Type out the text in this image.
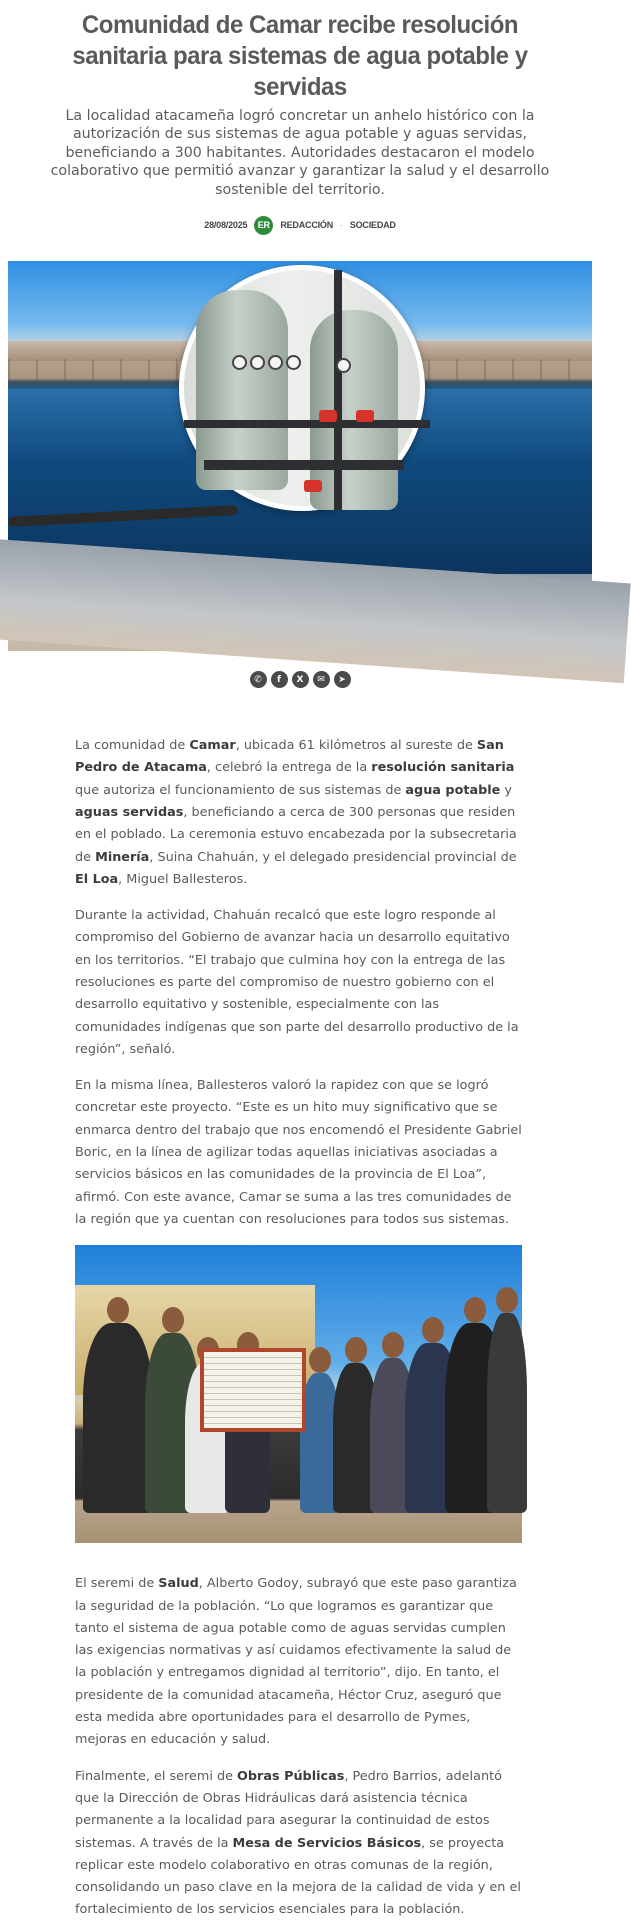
Comunidad de Camar recibe resolución sanitaria para sistemas de agua potable y servidas

La localidad atacameña logró concretar un anhelo histórico con la autorización de sus sistemas de agua potable y aguas servidas, beneficiando a 300 habitantes. Autoridades destacaron el modelo colaborativo que permitió avanzar y garantizar la salud y el desarrollo sostenible del territorio.

28/08/2025	ER	REDACCIÓN · SOCIEDAD
✆	f	X	✉	➤

La comunidad de Camar, ubicada 61 kilómetros al sureste de San Pedro de Atacama, celebró la entrega de la resolución sanitaria que autoriza el funcionamiento de sus sistemas de agua potable y aguas servidas, beneficiando a cerca de 300 personas que residen en el poblado. La ceremonia estuvo encabezada por la subsecretaria de Minería, Suina Chahuán, y el delegado presidencial provincial de El Loa, Miguel Ballesteros.

Durante la actividad, Chahuán recalcó que este logro responde al compromiso del Gobierno de avanzar hacia un desarrollo equitativo en los territorios. “El trabajo que culmina hoy con la entrega de las resoluciones es parte del compromiso de nuestro gobierno con el desarrollo equitativo y sostenible, especialmente con las comunidades indígenas que son parte del desarrollo productivo de la región”, señaló.

En la misma línea, Ballesteros valoró la rapidez con que se logró concretar este proyecto. “Este es un hito muy significativo que se enmarca dentro del trabajo que nos encomendó el Presidente Gabriel Boric, en la línea de agilizar todas aquellas iniciativas asociadas a servicios básicos en las comunidades de la provincia de El Loa”, afirmó. Con este avance, Camar se suma a las tres comunidades de la región que ya cuentan con resoluciones para todos sus sistemas.

El seremi de Salud, Alberto Godoy, subrayó que este paso garantiza la seguridad de la población. “Lo que logramos es garantizar que tanto el sistema de agua potable como de aguas servidas cumplen las exigencias normativas y así cuidamos efectivamente la salud de la población y entregamos dignidad al territorio”, dijo. En tanto, el presidente de la comunidad atacameña, Héctor Cruz, aseguró que esta medida abre oportunidades para el desarrollo de Pymes, mejoras en educación y salud.

Finalmente, el seremi de Obras Públicas, Pedro Barrios, adelantó que la Dirección de Obras Hidráulicas dará asistencia técnica permanente a la localidad para asegurar la continuidad de estos sistemas. A través de la Mesa de Servicios Básicos, se proyecta replicar este modelo colaborativo en otras comunas de la región, consolidando un paso clave en la mejora de la calidad de vida y en el fortalecimiento de los servicios esenciales para la población.
